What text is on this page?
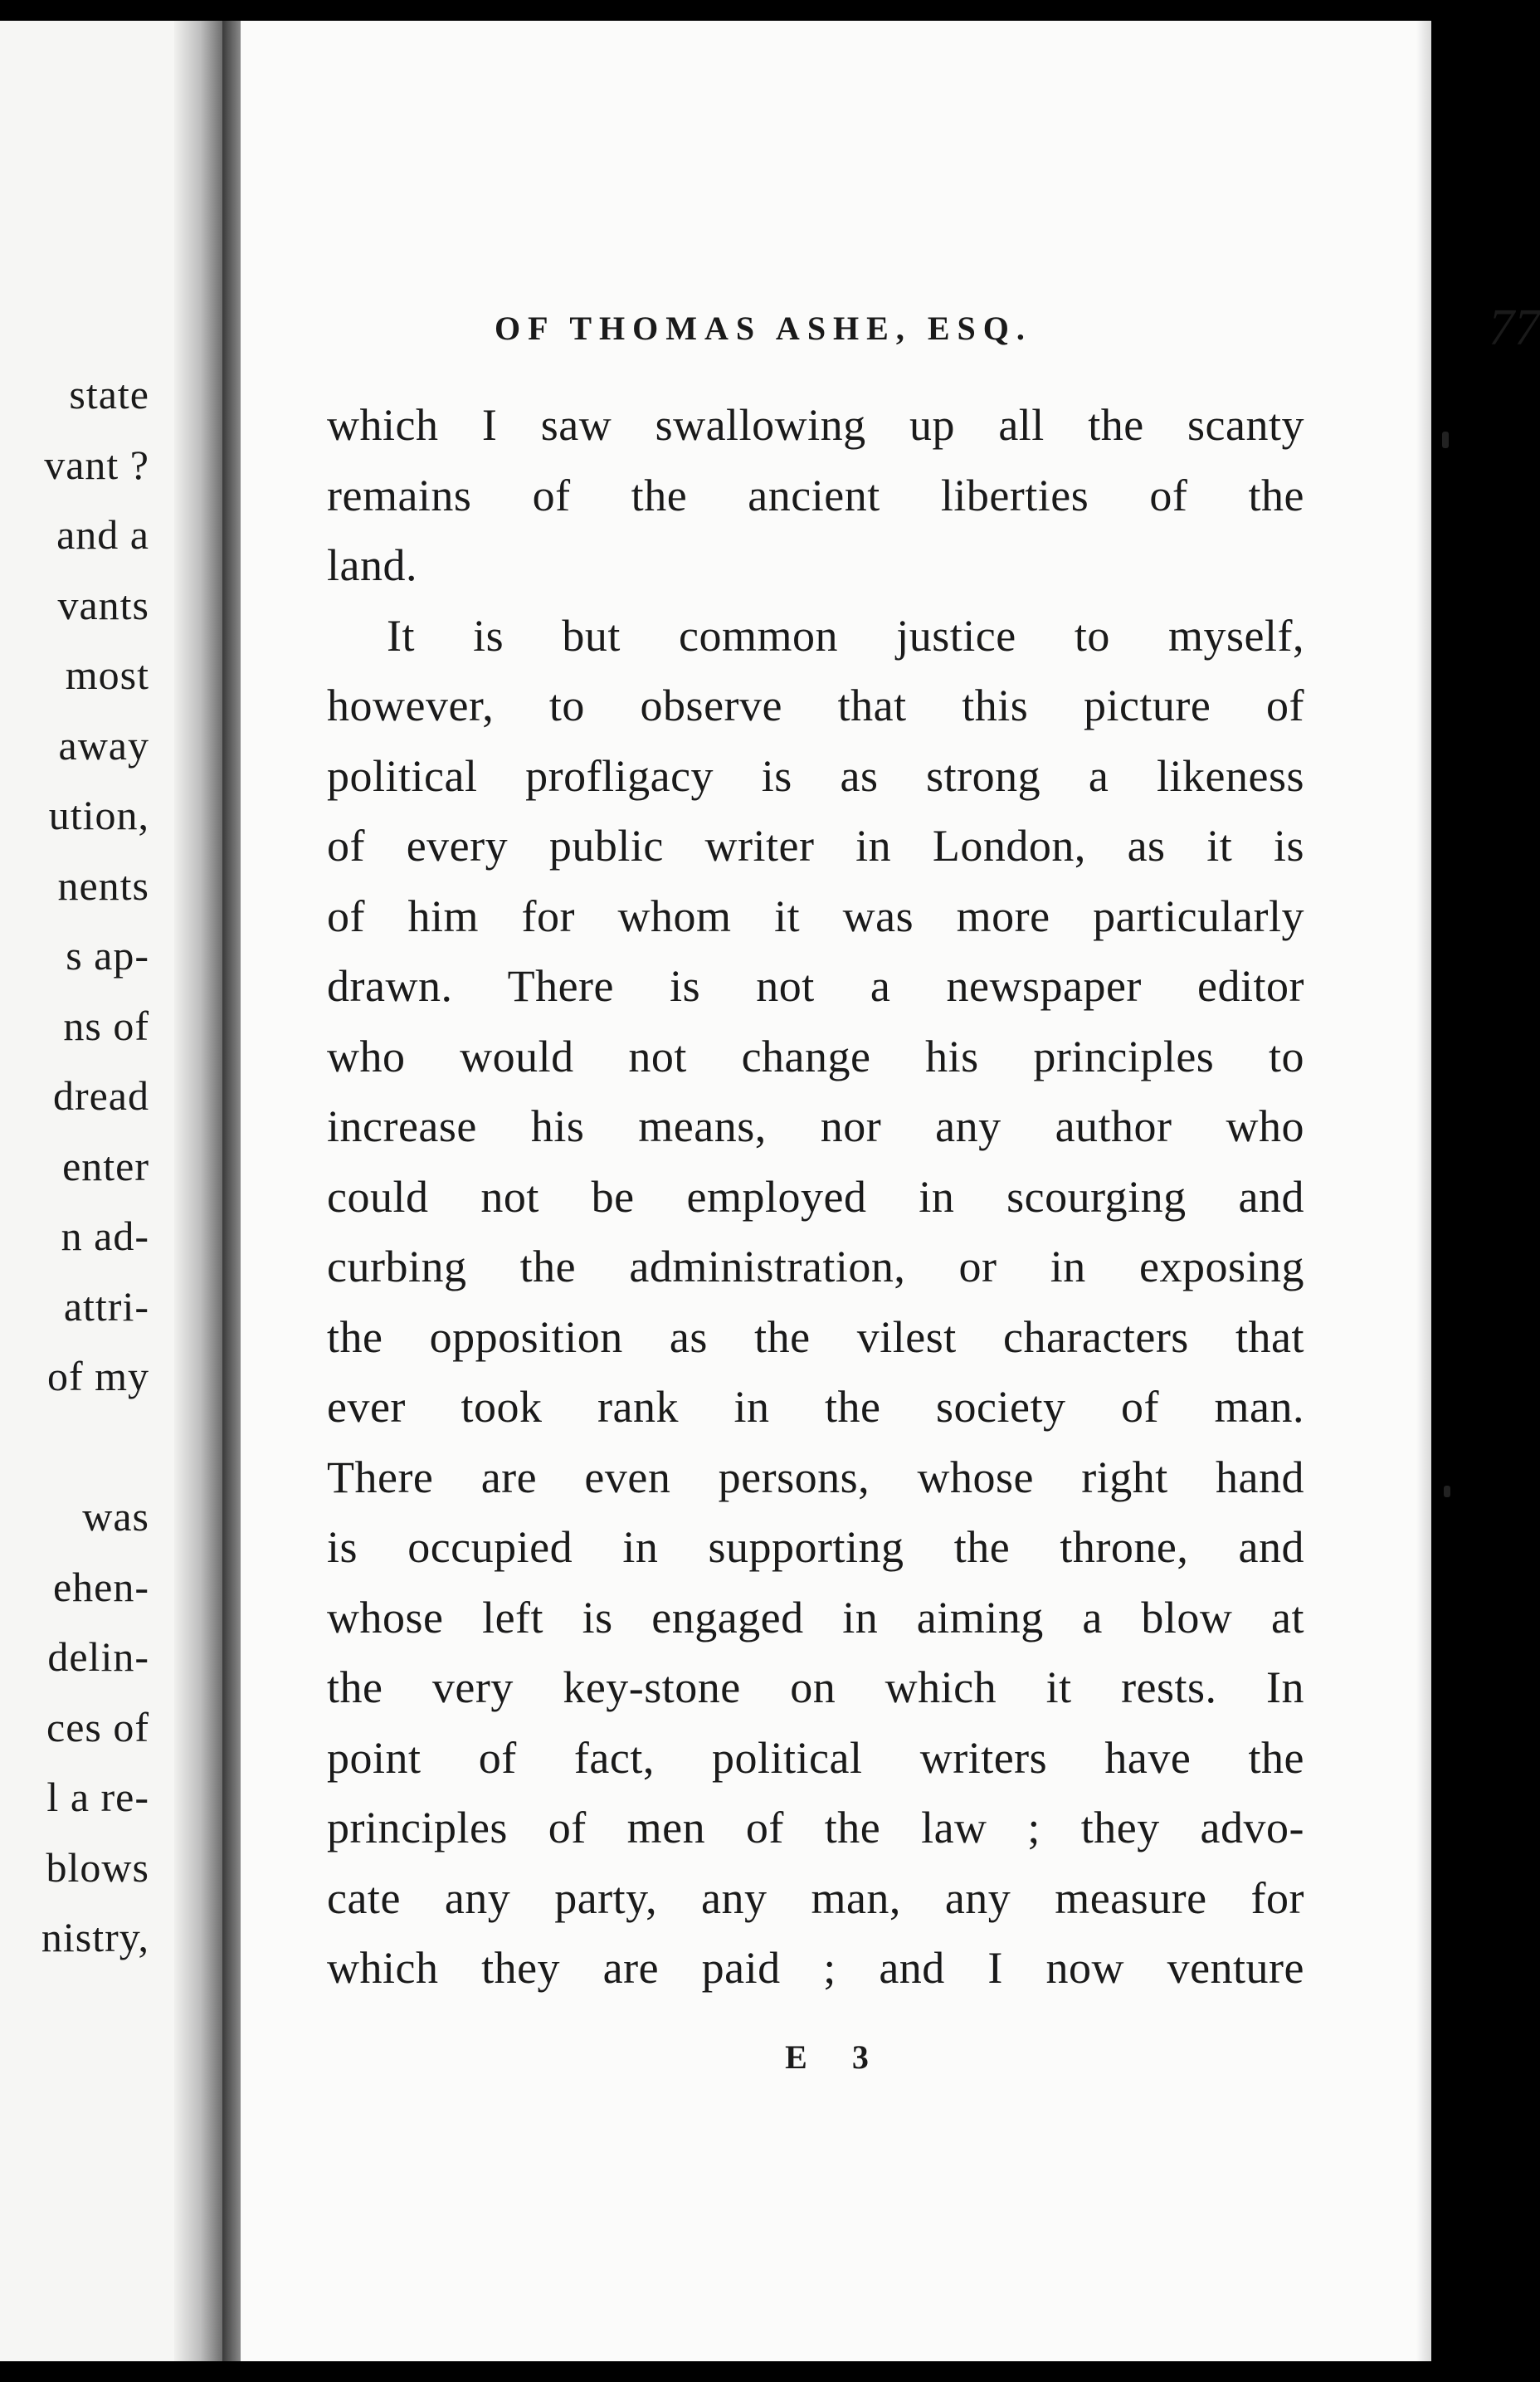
state
vant ?
and a
vants
most
away
ution,
nents
s ap-
ns of
dread
enter
n ad-
attri-
of my
was
ehen-
delin-
ces of
l a re-
blows
nistry,
OF THOMAS ASHE, ESQ.	77
which I saw swallowing up all the scanty
remains of the ancient liberties of the
land.
It is but common justice to myself,
however, to observe that this picture of
political profligacy is as strong a likeness
of every public writer in London, as it is
of him for whom it was more particularly
drawn. There is not a newspaper editor
who would not change his principles to
increase his means, nor any author who
could not be employed in scourging and
curbing the administration, or in exposing
the opposition as the vilest characters that
ever took rank in the society of man.
There are even persons, whose right hand
is occupied in supporting the throne, and
whose left is engaged in aiming a blow at
the very key-stone on which it rests. In
point of fact, political writers have the
principles of men of the law ; they advo-
cate any party, any man, any measure for
which they are paid ; and I now venture
E 3
